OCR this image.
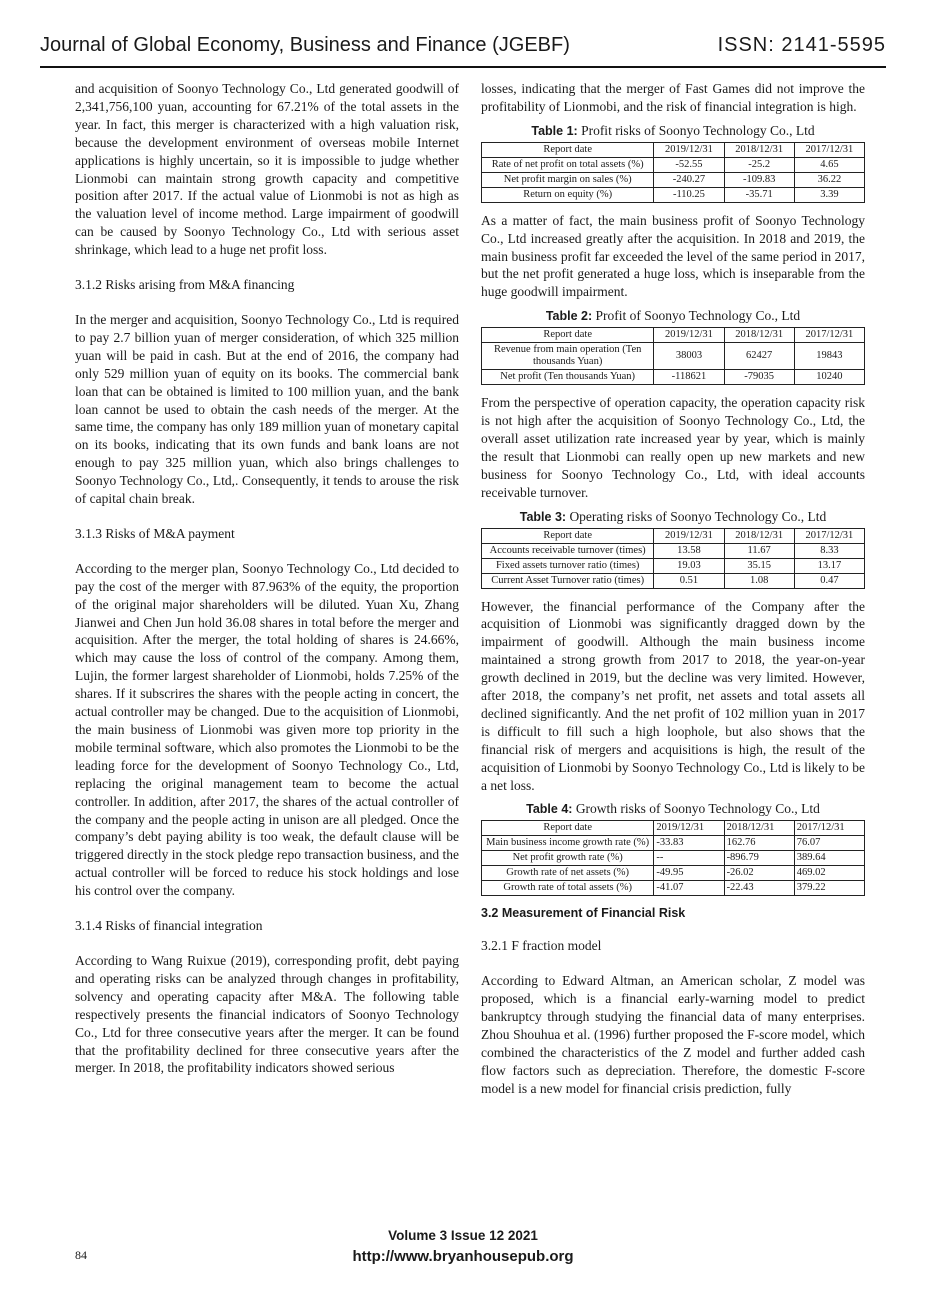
Journal of Global Economy, Business and Finance (JGEBF)	ISSN: 2141-5595

and acquisition of Soonyo Technology Co., Ltd generated goodwill of 2,341,756,100 yuan, accounting for 67.21% of the total assets in the year. In fact, this merger is characterized with a high valuation risk, because the development environment of overseas mobile Internet applications is highly uncertain, so it is impossible to judge whether Lionmobi can maintain strong growth capacity and competitive position after 2017. If the actual value of Lionmobi is not as high as the valuation level of income method. Large impairment of goodwill can be caused by Soonyo Technology Co., Ltd with serious asset shrinkage, which lead to a huge net profit loss.

3.1.2 Risks arising from M&A financing

In the merger and acquisition, Soonyo Technology Co., Ltd is required to pay 2.7 billion yuan of merger consideration, of which 325 million yuan will be paid in cash. But at the end of 2016, the company had only 529 million yuan of equity on its books. The commercial bank loan that can be obtained is limited to 100 million yuan, and the bank loan cannot be used to obtain the cash needs of the merger. At the same time, the company has only 189 million yuan of monetary capital on its books, indicating that its own funds and bank loans are not enough to pay 325 million yuan, which also brings challenges to Soonyo Technology Co., Ltd,. Consequently, it tends to arouse the risk of capital chain break.

3.1.3 Risks of M&A payment

According to the merger plan, Soonyo Technology Co., Ltd decided to pay the cost of the merger with 87.963% of the equity, the proportion of the original major shareholders will be diluted. Yuan Xu, Zhang Jianwei and Chen Jun hold 36.08 shares in total before the merger and acquisition. After the merger, the total holding of shares is 24.66%, which may cause the loss of control of the company. Among them, Lujin, the former largest shareholder of Lionmobi, holds 7.25% of the shares. If it subscrires the shares with the people acting in concert, the actual controller may be changed. Due to the acquisition of Lionmobi, the main business of Lionmobi was given more top priority in the mobile terminal software, which also promotes the Lionmobi to be the leading force for the development of Soonyo Technology Co., Ltd, replacing the original management team to become the actual controller. In addition, after 2017, the shares of the actual controller of the company and the people acting in unison are all pledged. Once the company’s debt paying ability is too weak, the default clause will be triggered directly in the stock pledge repo transaction business, and the actual controller will be forced to reduce his stock holdings and lose his control over the company.

3.1.4 Risks of financial integration

According to Wang Ruixue (2019), corresponding profit, debt paying and operating risks can be analyzed through changes in profitability, solvency and operating capacity after M&A. The following table respectively presents the financial indicators of Soonyo Technology Co., Ltd for three consecutive years after the merger. It can be found that the profitability declined for three consecutive years after the merger. In 2018, the profitability indicators showed serious

losses, indicating that the merger of Fast Games did not improve the profitability of Lionmobi, and the risk of financial integration is high.

Table 1: Profit risks of Soonyo Technology Co., Ltd
Report date	2019/12/31	2018/12/31	2017/12/31
Rate of net profit on total assets (%)	-52.55	-25.2	4.65
Net profit margin on sales (%)	-240.27	-109.83	36.22
Return on equity (%)	-110.25	-35.71	3.39

As a matter of fact, the main business profit of Soonyo Technology Co., Ltd increased greatly after the acquisition. In 2018 and 2019, the main business profit far exceeded the level of the same period in 2017, but the net profit generated a huge loss, which is inseparable from the huge goodwill impairment.

Table 2: Profit of Soonyo Technology Co., Ltd
Report date	2019/12/31	2018/12/31	2017/12/31
Revenue from main operation (Ten thousands Yuan)	38003	62427	19843
Net profit (Ten thousands Yuan)	-118621	-79035	10240

From the perspective of operation capacity, the operation capacity risk is not high after the acquisition of Soonyo Technology Co., Ltd, the overall asset utilization rate increased year by year, which is mainly the result that Lionmobi can really open up new markets and new business for Soonyo Technology Co., Ltd, with ideal accounts receivable turnover.

Table 3: Operating risks of Soonyo Technology Co., Ltd
Report date	2019/12/31	2018/12/31	2017/12/31
Accounts receivable turnover (times)	13.58	11.67	8.33
Fixed assets turnover ratio (times)	19.03	35.15	13.17
Current Asset Turnover ratio (times)	0.51	1.08	0.47

However, the financial performance of the Company after the acquisition of Lionmobi was significantly dragged down by the impairment of goodwill. Although the main business income maintained a strong growth from 2017 to 2018, the year-on-year growth declined in 2019, but the decline was very limited. However, after 2018, the company’s net profit, net assets and total assets all declined significantly. And the net profit of 102 million yuan in 2017 is difficult to fill such a high loophole, but also shows that the financial risk of mergers and acquisitions is high, the result of the acquisition of Lionmobi by Soonyo Technology Co., Ltd is likely to be a net loss.

Table 4: Growth risks of Soonyo Technology Co., Ltd
Report date	2019/12/31	2018/12/31	2017/12/31
Main business income growth rate (%)	-33.83	162.76	76.07
Net profit growth rate (%)	--	-896.79	389.64
Growth rate of net assets (%)	-49.95	-26.02	469.02
Growth rate of total assets (%)	-41.07	-22.43	379.22
3.2 Measurement of Financial Risk
3.2.1 F fraction model

According to Edward Altman, an American scholar, Z model was proposed, which is a financial early-warning model to predict bankruptcy through studying the financial data of many enterprises. Zhou Shouhua et al. (1996) further proposed the F-score model, which combined the characteristics of the Z model and further added cash flow factors such as depreciation. Therefore, the domestic F-score model is a new model for financial crisis prediction, fully

Volume 3 Issue 12 2021
http://www.bryanhousepub.org
84
